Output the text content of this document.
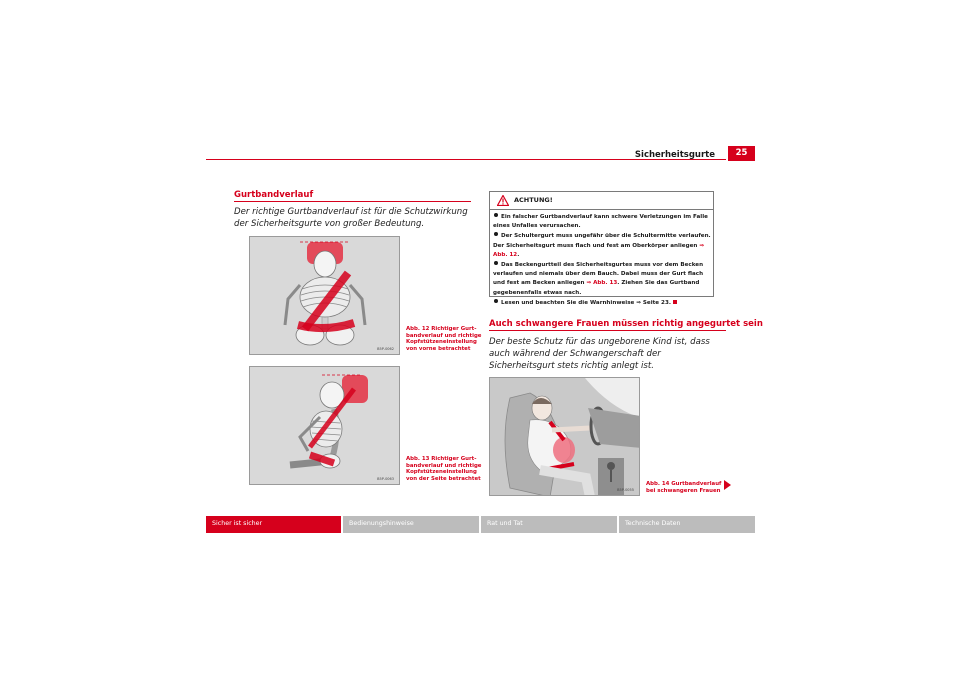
Sicherheitsgurte	25
Gurtbandverlauf
Der richtige Gurtbandverlauf ist für die Schutzwirkung der Sicherheitsgurte von großer Bedeutung.
B5P-0062
Abb. 12 Richtiger Gurt-
bandverlauf und richtige
Kopfstützeneinstellung
von vorne betrachtet
B5P-0063
Abb. 13 Richtiger Gurt-
bandverlauf und richtige
Kopfstützeneinstellung
von der Seite betrachtet
ACHTUNG!

Ein falscher Gurtbandverlauf kann schwere Verletzungen im Falle eines Unfalles verursachen.

Der Schultergurt muss ungefähr über die Schultermitte verlaufen. Der Sicherheitsgurt muss flach und fest am Oberkörper anliegen ⇒ Abb. 12.

Das Beckengurtteil des Sicherheitsgurtes muss vor dem Becken verlaufen und niemals über dem Bauch. Dabei muss der Gurt flach und fest am Becken anliegen ⇒ Abb. 13. Ziehen Sie das Gurtband gegebenenfalls etwas nach.

Lesen und beachten Sie die Warnhinweise ⇒ Seite 23.

Auch schwangere Frauen müssen richtig angegurtet sein
Der beste Schutz für das ungeborene Kind ist, dass auch während der Schwangerschaft der Sicherheitsgurt stets richtig anlegt ist.
B5P-0055
Abb. 14 Gurtbandverlauf
bei schwangeren Frauen
Sicher ist sicher	Bedienungshinweise	Rat und Tat	Technische Daten
